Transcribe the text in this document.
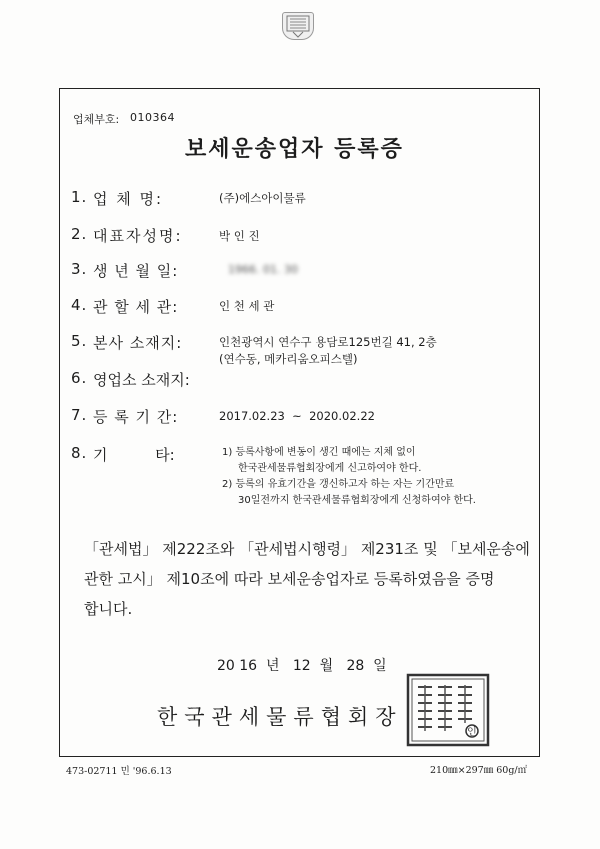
업체부호: 010364
보세운송업자 등록증
1. 업 체 명:	(주)에스아이물류
2. 대표자성명:	박 인 진
3. 생 년 월 일:	1966. 01. 30
4. 관 할 세 관:	인 천 세 관
5. 본사 소재지:	인천광역시 연수구 용담로125번길 41, 2층
(연수동, 메카리움오피스텔)
6. 영업소 소재지:
7. 등 록 기 간:	2017.02.23  ~  2020.02.22
8. 기          타:	1) 등록사항에 변동이 생긴 때에는 지체 없이
한국관세물류협회장에게 신고하여야 한다.
2) 등록의 유효기간을 갱신하고자 하는 자는 기간만료
30일전까지 한국관세물류협회장에게 신청하여야 한다.
「관세법」 제222조와 「관세법시행령」 제231조 및 「보세운송에
관한 고시」 제10조에 따라 보세운송업자로 등록하였음을 증명
합니다.
20 16  년   12  월   28  일
한국관세물류협회장
인
473-02711 민 '96.6.13	210㎜×297㎜ 60g/㎡
